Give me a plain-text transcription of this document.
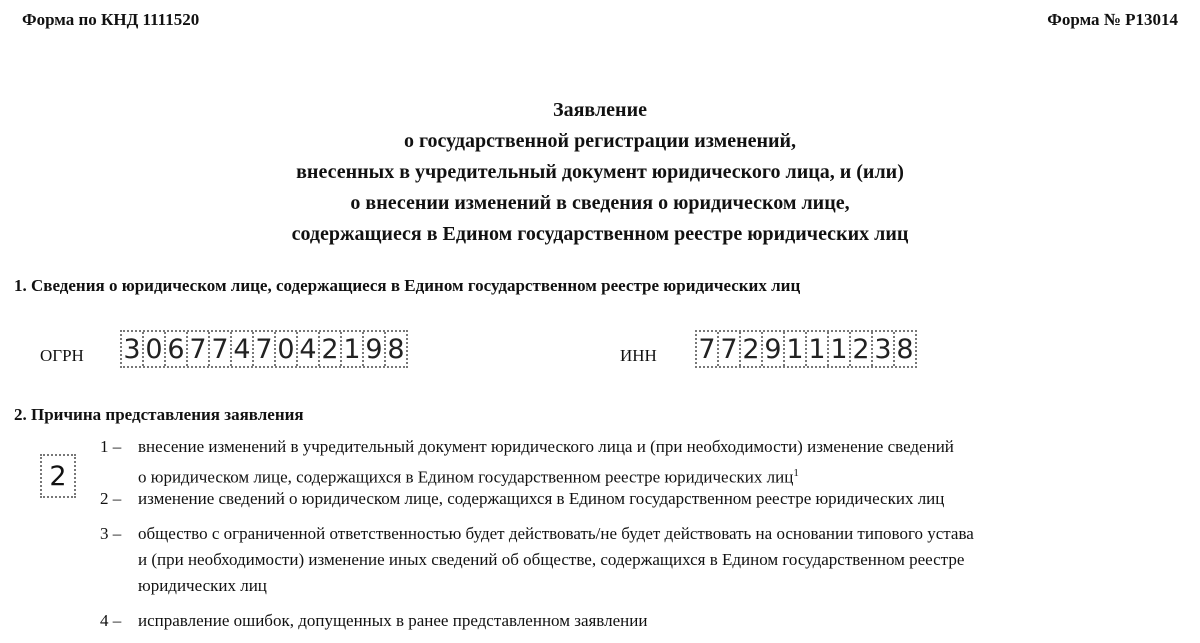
Форма по КНД 1111520	Форма № Р13014
Заявление
о государственной регистрации изменений,
внесенных в учредительный документ юридического лица, и (или)
о внесении изменений в сведения о юридическом лице,
содержащиеся в Едином государственном реестре юридических лиц
1. Сведения о юридическом лице, содержащиеся в Едином государственном реестре юридических лиц
ОГРН 3 0 6 7 7 4 7 0 4 2 1 9 8	ИНН 7 7 2 9 1 1 1 2 3 8
2. Причина представления заявления
2
1 – внесение изменений в учредительный документ юридического лица и (при необходимости) изменение сведений
о юридическом лице, содержащихся в Едином государственном реестре юридических лиц$^1$
2 – изменение сведений о юридическом лице, содержащихся в Едином государственном реестре юридических лиц
3 – общество с ограниченной ответственностью будет действовать/не будет действовать на основании типового устава
и (при необходимости) изменение иных сведений об обществе, содержащихся в Едином государственном реестре
юридических лиц
4 – исправление ошибок, допущенных в ранее представленном заявлении
